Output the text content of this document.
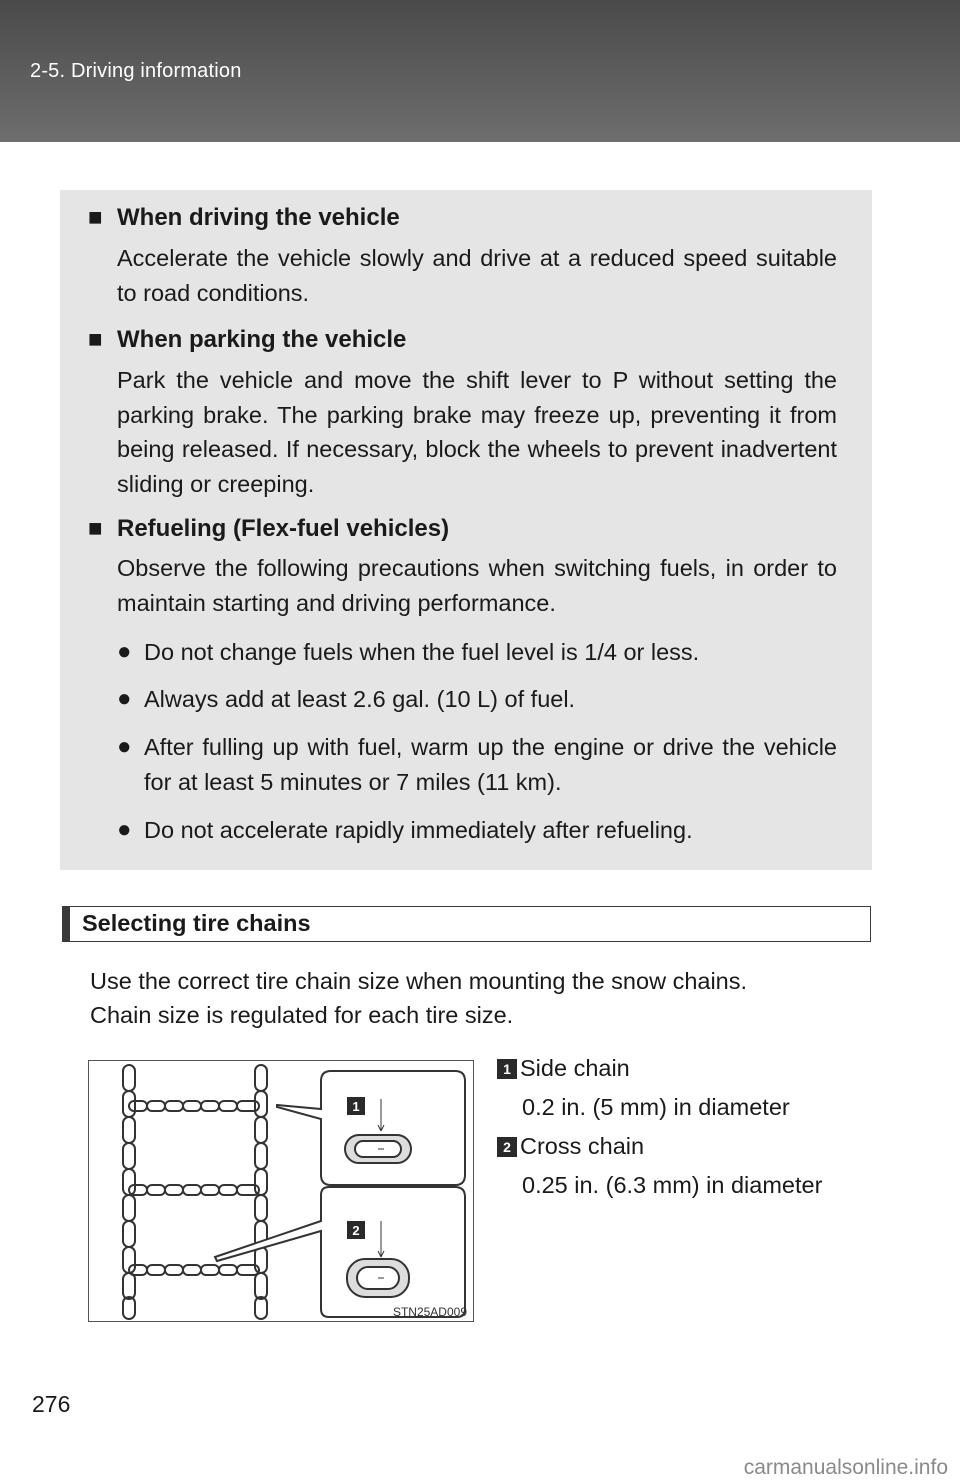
2-5. Driving information
■ When driving the vehicle

Accelerate the vehicle slowly and drive at a reduced speed suitable to road conditions.

■ When parking the vehicle

Park the vehicle and move the shift lever to P without setting the parking brake. The parking brake may freeze up, preventing it from being released. If necessary, block the wheels to prevent inadvertent sliding or creeping.

■ Refueling (Flex-fuel vehicles)

Observe the following precautions when switching fuels, in order to maintain starting and driving performance.

● Do not change fuels when the fuel level is 1/4 or less.
● Always add at least 2.6 gal. (10 L) of fuel.
● After fulling up with fuel, warm up the engine or drive the vehicle for at least 5 minutes or 7 miles (11 km).
● Do not accelerate rapidly immediately after refueling.
Selecting tire chains
Use the correct tire chain size when mounting the snow chains.
Chain size is regulated for each tire size.
1
2
STN25AD009
1 Side chain
0.2 in. (5 mm) in diameter
2 Cross chain
0.25 in. (6.3 mm) in diameter
276
carmanualsonline.info
